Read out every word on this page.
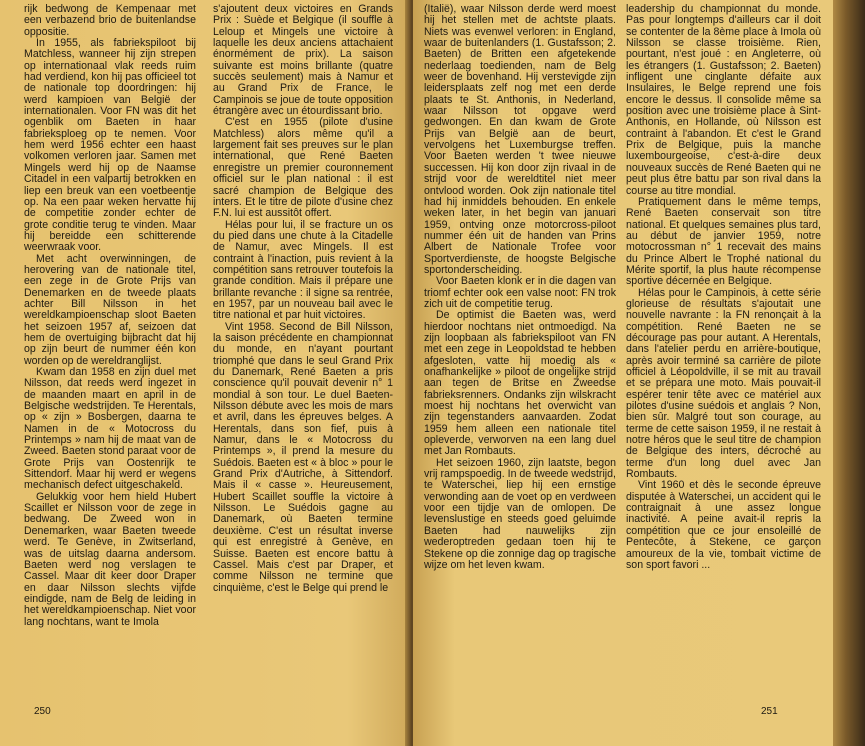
rijk bedwong de Kempenaar met een verbazend brio de buitenlandse oppositie.

In 1955, als fabriekspiloot bij Matchless, wanneer hij zijn strepen op internationaal vlak reeds ruim had verdiend, kon hij pas officieel tot de nationale top doordringen: hij werd kampioen van België der internationalen. Voor FN was dit het ogenblik om Baeten in haar fabrieksploeg op te nemen. Voor hem werd 1956 echter een haast volkomen verloren jaar. Samen met Mingels werd hij op de Naamse Citadel in een valpartij betrokken en liep een breuk van een voetbeentje op. Na een paar weken hervatte hij de competitie zonder echter de grote conditie terug te vinden. Maar hij bereidde een schitterende weerwraak voor.

Met acht overwinningen, de herovering van de nationale titel, een zege in de Grote Prijs van Denemarken en de tweede plaats achter Bill Nilsson in het wereldkampioenschap sloot Baeten het seizoen 1957 af, seizoen dat hem de overtuiging bijbracht dat hij op zijn beurt de nummer één kon worden op de wereldranglijst.

Kwam dan 1958 en zijn duel met Nilsson, dat reeds werd ingezet in de maanden maart en april in de Belgische wedstrijden. Te Herentals, op « zijn » Bosbergen, daarna te Namen in de « Motocross du Printemps » nam hij de maat van de Zweed. Baeten stond paraat voor de Grote Prijs van Oostenrijk te Sittendorf. Maar hij werd er wegens mechanisch defect uitgeschakeld.

Gelukkig voor hem hield Hubert Scaillet er Nilsson voor de zege in bedwang. De Zweed won in Denemarken, waar Baeten tweede werd. Te Genève, in Zwitserland, was de uitslag daarna andersom. Baeten werd nog verslagen te Cassel. Maar dit keer door Draper en daar Nilsson slechts vijfde eindigde, nam de Belg de leiding in het wereldkampioenschap. Niet voor lang nochtans, want te Imola

s'ajoutent deux victoires en Grands Prix : Suède et Belgique (il souffle à Leloup et Mingels une victoire à laquelle les deux anciens attachaient énormément de prix). La saison suivante est moins brillante (quatre succès seulement) mais à Namur et au Grand Prix de France, le Campinois se joue de toute opposition étrangère avec un étourdissant brio.

C'est en 1955 (pilote d'usine Matchless) alors même qu'il a largement fait ses preuves sur le plan international, que René Baeten enregistre un premier couronnement officiel sur le plan national : il est sacré champion de Belgique des inters. Et le titre de pilote d'usine chez F.N. lui est aussitôt offert.

Hélas pour lui, il se fracture un os du pied dans une chute à la Citadelle de Namur, avec Mingels. Il est contraint à l'inaction, puis revient à la compétition sans retrouver toutefois la grande condition. Mais il prépare une brillante revanche : il signe sa rentrée, en 1957, par un nouveau bail avec le titre national et par huit victoires.

Vint 1958. Second de Bill Nilsson, la saison précédente en championnat du monde, en n'ayant pourtant triomphé que dans le seul Grand Prix du Danemark, René Baeten a pris conscience qu'il pouvait devenir n° 1 mondial à son tour. Le duel Baeten-Nilsson débute avec les mois de mars et avril, dans les épreuves belges. A Herentals, dans son fief, puis à Namur, dans le « Motocross du Printemps », il prend la mesure du Suédois. Baeten est « à bloc » pour le Grand Prix d'Autriche, à Sittendorf. Mais il « casse ». Heureusement, Hubert Scaillet souffle la victoire à Nilsson. Le Suédois gagne au Danemark, où Baeten termine deuxième. C'est un résultat inverse qui est enregistré à Genève, en Suisse. Baeten est encore battu à Cassel. Mais c'est par Draper, et comme Nilsson ne termine que cinquième, c'est le Belge qui prend le

250

(Italië), waar Nilsson derde werd moest hij het stellen met de achtste plaats. Niets was evenwel verloren: in England, waar de buitenlanders (1. Gustafsson; 2. Baeten) de Britten een afgetekende nederlaag toedienden, nam de Belg weer de bovenhand. Hij verstevigde zijn leidersplaats zelf nog met een derde plaats te St. Anthonis, in Nederland, waar Nilsson tot opgave werd gedwongen. En dan kwam de Grote Prijs van België aan de beurt, vervolgens het Luxemburgse treffen. Voor Baeten werden 't twee nieuwe successen. Hij kon door zijn rivaal in de strijd voor de wereldtitel niet meer ontvlood worden. Ook zijn nationale titel had hij inmiddels behouden. En enkele weken later, in het begin van januari 1959, ontving onze motorcross-piloot nummer één uit de handen van Prins Albert de Nationale Trofee voor Sportverdienste, de hoogste Belgische sportonderscheiding.

Voor Baeten klonk er in die dagen van triomf echter ook een valse noot: FN trok zich uit de competitie terug.

De optimist die Baeten was, werd hierdoor nochtans niet ontmoedigd. Na zijn loopbaan als fabriekspiloot van FN met een zege in Leopoldstad te hebben afgesloten, vatte hij moedig als « onafhankelijke » piloot de ongelijke strijd aan tegen de Britse en Zweedse fabrieksrenners. Ondanks zijn wilskracht moest hij nochtans het overwicht van zijn tegenstanders aanvaarden. Zodat 1959 hem alleen een nationale titel opleverde, verworven na een lang duel met Jan Rombauts.

Het seizoen 1960, zijn laatste, begon vrij rampspoedig. In de tweede wedstrijd, te Waterschei, liep hij een ernstige verwonding aan de voet op en verdween voor een tijdje van de omlopen. De levenslustige en steeds goed geluimde Baeten had nauwelijks zijn wederoptreden gedaan toen hij te Stekene op die zonnige dag op tragische wijze om het leven kwam.

leadership du championnat du monde. Pas pour longtemps d'ailleurs car il doit se contenter de la 8ème place à Imola où Nilsson se classe troisième. Rien, pourtant, n'est joué : en Angleterre, où les étrangers (1. Gustafsson; 2. Baeten) infligent une cinglante défaite aux Insulaires, le Belge reprend une fois encore le dessus. Il consolide même sa position avec une troisième place à Sint-Anthonis, en Hollande, où Nilsson est contraint à l'abandon. Et c'est le Grand Prix de Belgique, puis la manche luxembourgeoise, c'est-à-dire deux nouveaux succès de René Baeten qui ne peut plus être battu par son rival dans la course au titre mondial.

Pratiquement dans le même temps, René Baeten conservait son titre national. Et quelques semaines plus tard, au début de janvier 1959, notre motocrossman n° 1 recevait des mains du Prince Albert le Trophé national du Mérite sportif, la plus haute récompense sportive décernée en Belgique.

Hélas pour le Campinois, à cette série glorieuse de résultats s'ajoutait une nouvelle navrante : la FN renonçait à la compétition. René Baeten ne se décourage pas pour autant. A Herentals, dans l'atelier perdu en arrière-boutique, après avoir terminé sa carrière de pilote officiel à Léopoldville, il se mit au travail et se prépara une moto. Mais pouvait-il espérer tenir tête avec ce matériel aux pilotes d'usine suédois et anglais ? Non, bien sûr. Malgré tout son courage, au terme de cette saison 1959, il ne restait à notre héros que le seul titre de champion de Belgique des inters, décroché au terme d'un long duel avec Jan Rombauts.

Vint 1960 et dès le seconde épreuve disputée à Waterschei, un accident qui le contraignait à une assez longue inactivité. A peine avait-il repris la compétition que ce jour ensoleillé de Pentecôte, à Stekene, ce garçon amoureux de la vie, tombait victime de son sport favori ...

251
